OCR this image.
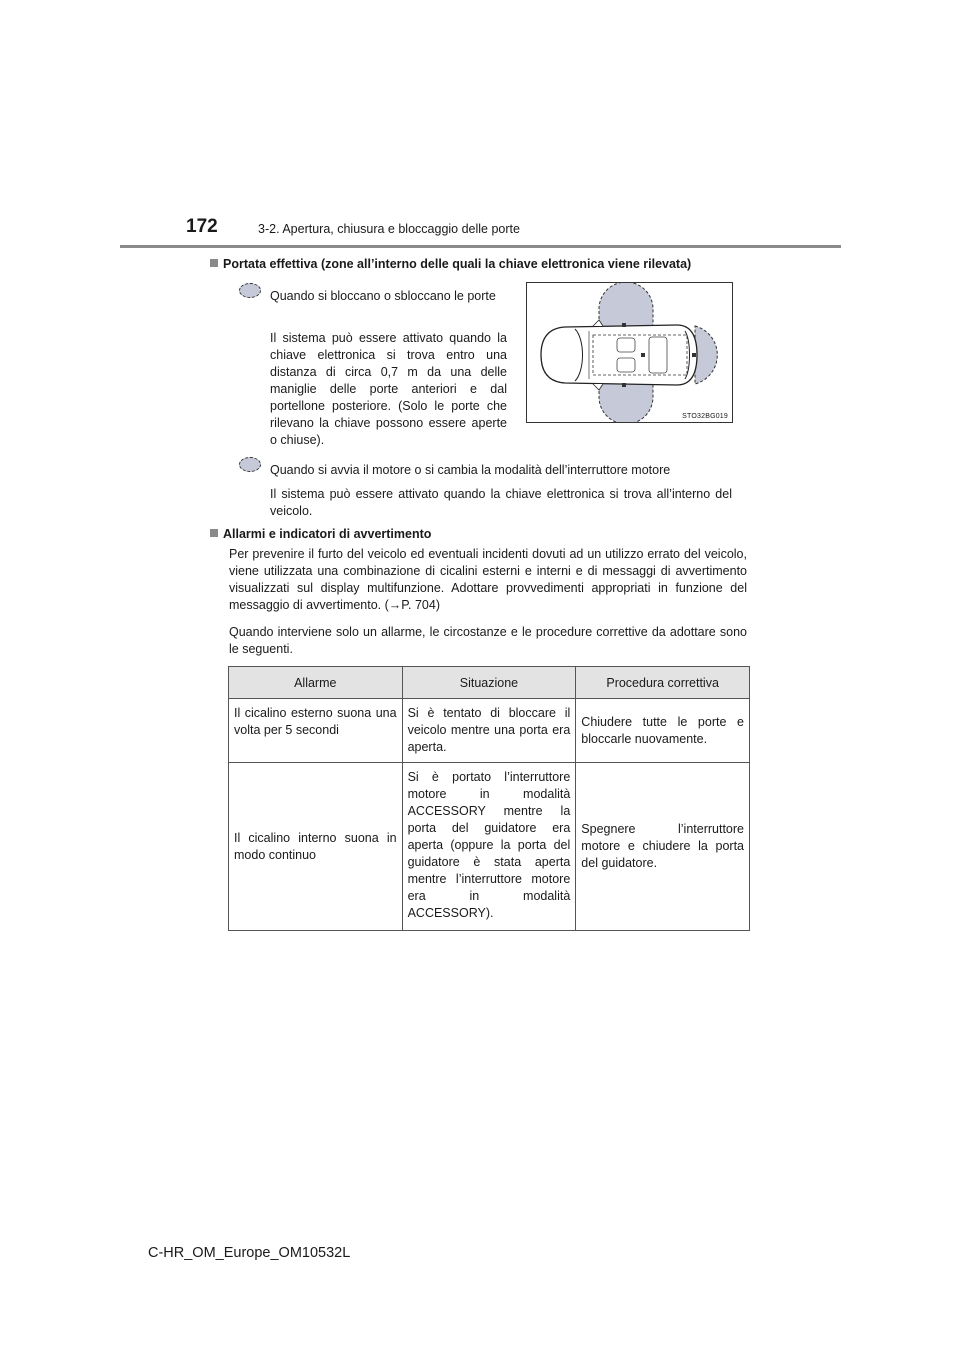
172	3-2. Apertura, chiusura e bloccaggio delle porte
Portata effettiva (zone all’interno delle quali la chiave elettronica viene rilevata)
Quando si bloccano o sbloccano le porte
Il sistema può essere attivato quando la chiave elettronica si trova entro una distanza di circa 0,7 m da una delle maniglie delle porte anteriori e dal portellone posteriore. (Solo le porte che rilevano la chiave possono essere aperte o chiuse).
STO32BG019
Quando si avvia il motore o si cambia la modalità dell’interruttore motore
Il sistema può essere attivato quando la chiave elettronica si trova all’interno del veicolo.
Allarmi e indicatori di avvertimento
Per prevenire il furto del veicolo ed eventuali incidenti dovuti ad un utilizzo errato del veicolo, viene utilizzata una combinazione di cicalini esterni e interni e di messaggi di avvertimento visualizzati sul display multifunzione. Adottare provvedimenti appropriati in funzione del messaggio di avvertimento. (→P. 704)
Quando interviene solo un allarme, le circostanze e le procedure correttive da adottare sono le seguenti.
Allarme	Situazione	Procedura correttiva
Il cicalino esterno suona una volta per 5 secondi	Si è tentato di bloccare il veicolo mentre una porta era aperta.	Chiudere tutte le porte e bloccarle nuovamente.
Il cicalino interno suona in modo continuo	Si è portato l’interruttore motore in modalità ACCESSORY mentre la porta del guidatore era aperta (oppure la porta del guidatore è stata aperta mentre l’interruttore motore era in modalità ACCESSORY).	Spegnere l’interruttore motore e chiudere la porta del guidatore.
C-HR_OM_Europe_OM10532L
